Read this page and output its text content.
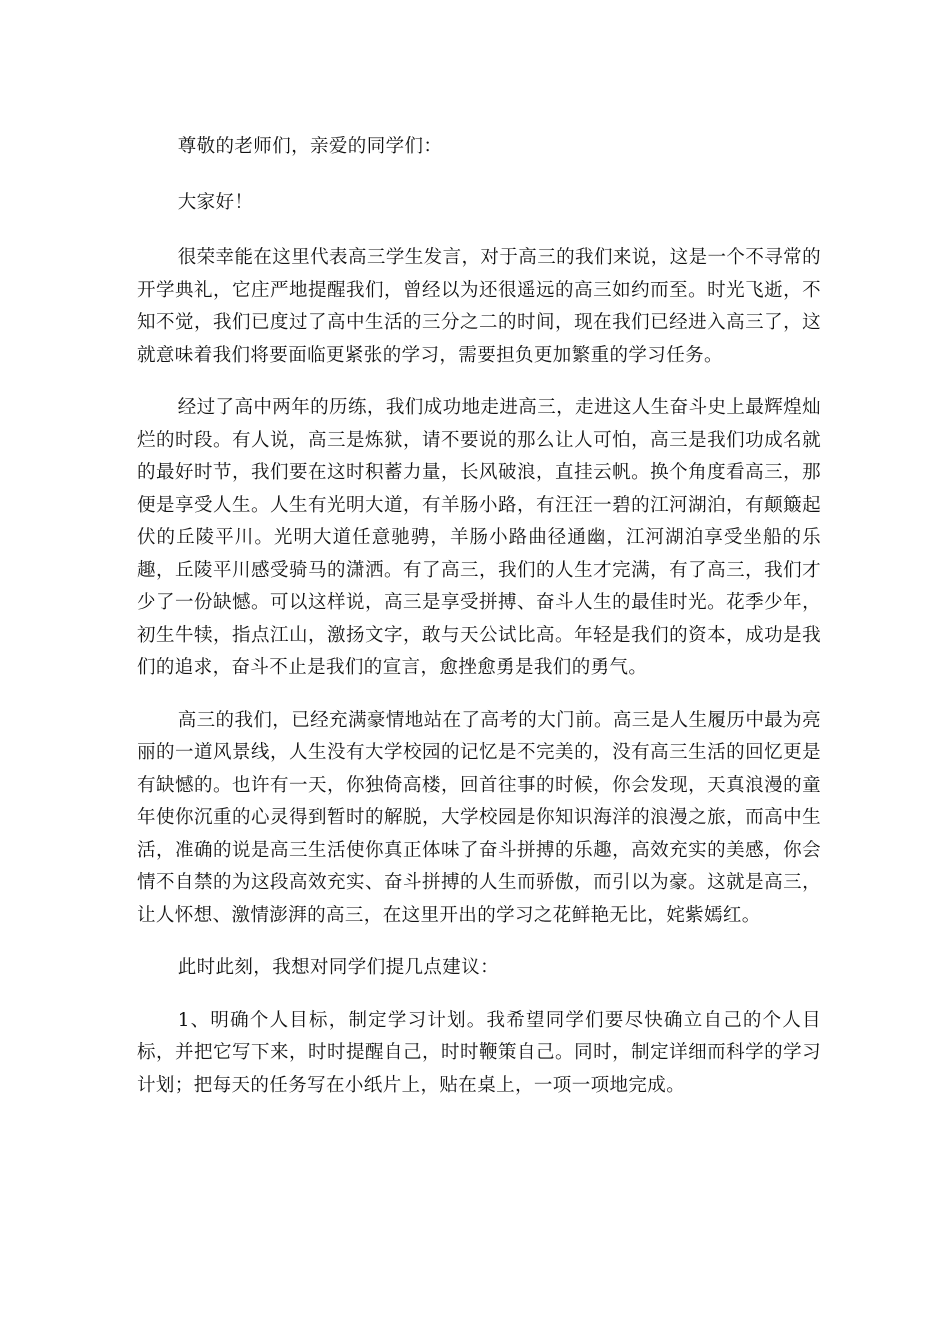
尊敬的老师们，亲爱的同学们：

大家好！

很荣幸能在这里代表高三学生发言，对于高三的我们来说，这是一个不寻常的开学典礼，它庄严地提醒我们，曾经以为还很遥远的高三如约而至。时光飞逝，不知不觉，我们已度过了高中生活的三分之二的时间，现在我们已经进入高三了，这就意味着我们将要面临更紧张的学习，需要担负更加繁重的学习任务。

经过了高中两年的历练，我们成功地走进高三，走进这人生奋斗史上最辉煌灿烂的时段。有人说，高三是炼狱，请不要说的那么让人可怕，高三是我们功成名就的最好时节，我们要在这时积蓄力量，长风破浪，直挂云帆。换个角度看高三，那便是享受人生。人生有光明大道，有羊肠小路，有汪汪一碧的江河湖泊，有颠簸起伏的丘陵平川。光明大道任意驰骋，羊肠小路曲径通幽，江河湖泊享受坐船的乐趣，丘陵平川感受骑马的潇洒。有了高三，我们的人生才完满，有了高三，我们才少了一份缺憾。可以这样说，高三是享受拼搏、奋斗人生的最佳时光。花季少年，初生牛犊，指点江山，激扬文字，敢与天公试比高。年轻是我们的资本，成功是我们的追求，奋斗不止是我们的宣言，愈挫愈勇是我们的勇气。

高三的我们，已经充满豪情地站在了高考的大门前。高三是人生履历中最为亮丽的一道风景线，人生没有大学校园的记忆是不完美的，没有高三生活的回忆更是有缺憾的。也许有一天，你独倚高楼，回首往事的时候，你会发现，天真浪漫的童年使你沉重的心灵得到暂时的解脱，大学校园是你知识海洋的浪漫之旅，而高中生活，准确的说是高三生活使你真正体味了奋斗拼搏的乐趣，高效充实的美感，你会情不自禁的为这段高效充实、奋斗拼搏的人生而骄傲，而引以为豪。这就是高三，让人怀想、激情澎湃的高三，在这里开出的学习之花鲜艳无比，姹紫嫣红。

此时此刻，我想对同学们提几点建议：

1、明确个人目标，制定学习计划。我希望同学们要尽快确立自己的个人目标，并把它写下来，时时提醒自己，时时鞭策自己。同时，制定详细而科学的学习计划；把每天的任务写在小纸片上，贴在桌上，一项一项地完成。
